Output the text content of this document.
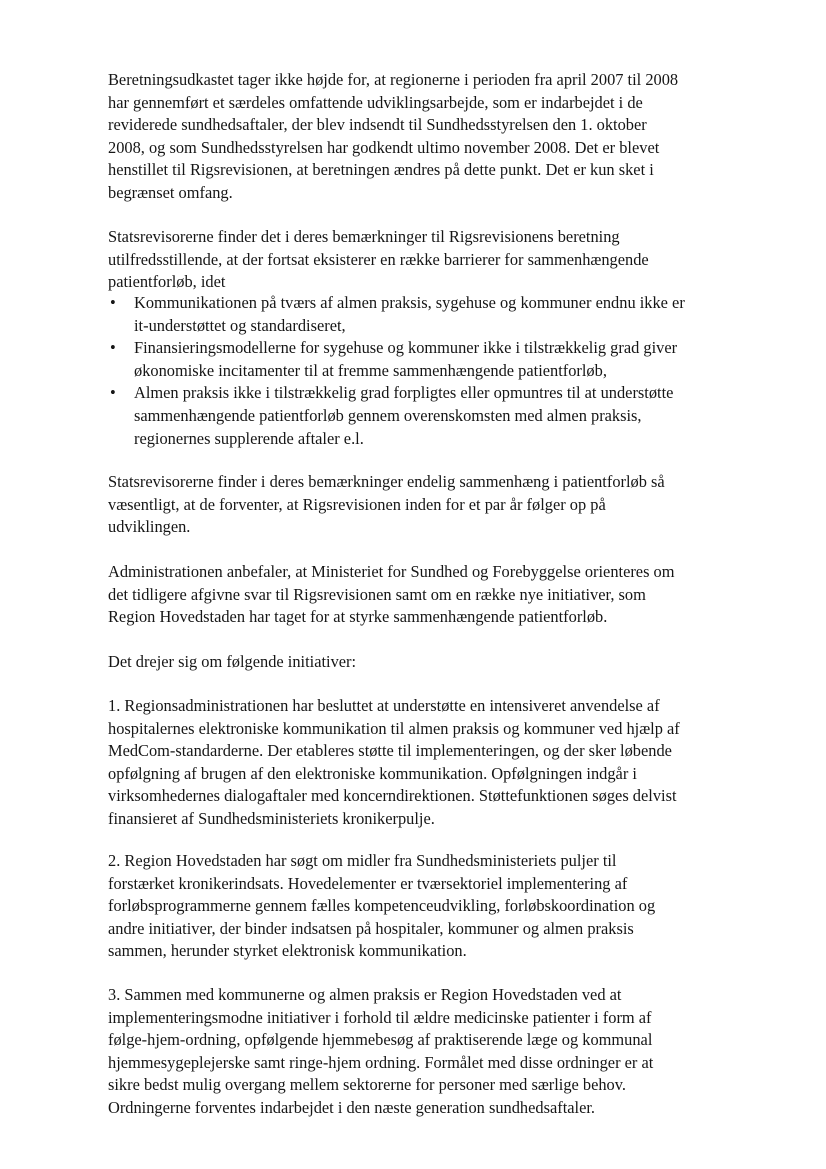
Beretningsudkastet tager ikke højde for, at regionerne i perioden fra april 2007 til 2008
har gennemført et særdeles omfattende udviklingsarbejde, som er indarbejdet i de
reviderede sundhedsaftaler, der blev indsendt til Sundhedsstyrelsen den 1. oktober
2008, og som Sundhedsstyrelsen har godkendt ultimo november 2008. Det er blevet
henstillet til Rigsrevisionen, at beretningen ændres på dette punkt. Det er kun sket i
begrænset omfang.

Statsrevisorerne finder det i deres bemærkninger til Rigsrevisionens beretning
utilfredsstillende, at der fortsat eksisterer en række barrierer for sammenhængende
patientforløb, idet

• Kommunikationen på tværs af almen praksis, sygehuse og kommuner endnu ikke er
it-understøttet og standardiseret,
• Finansieringsmodellerne for sygehuse og kommuner ikke i tilstrækkelig grad giver
økonomiske incitamenter til at fremme sammenhængende patientforløb,
• Almen praksis ikke i tilstrækkelig grad forpligtes eller opmuntres til at understøtte
sammenhængende patientforløb gennem overenskomsten med almen praksis,
regionernes supplerende aftaler e.l.

Statsrevisorerne finder i deres bemærkninger endelig sammenhæng i patientforløb så
væsentligt, at de forventer, at Rigsrevisionen inden for et par år følger op på
udviklingen.

Administrationen anbefaler, at Ministeriet for Sundhed og Forebyggelse orienteres om
det tidligere afgivne svar til Rigsrevisionen samt om en række nye initiativer, som
Region Hovedstaden har taget for at styrke sammenhængende patientforløb.

Det drejer sig om følgende initiativer:

1. Regionsadministrationen har besluttet at understøtte en intensiveret anvendelse af
hospitalernes elektroniske kommunikation til almen praksis og kommuner ved hjælp af
MedCom-standarderne. Der etableres støtte til implementeringen, og der sker løbende
opfølgning af brugen af den elektroniske kommunikation. Opfølgningen indgår i
virksomhedernes dialogaftaler med koncerndirektionen. Støttefunktionen søges delvist
finansieret af Sundhedsministeriets kronikerpulje.

2. Region Hovedstaden har søgt om midler fra Sundhedsministeriets puljer til
forstærket kronikerindsats. Hovedelementer er tværsektoriel implementering af
forløbsprogrammerne gennem fælles kompetenceudvikling, forløbskoordination og
andre initiativer, der binder indsatsen på hospitaler, kommuner og almen praksis
sammen, herunder styrket elektronisk kommunikation.

3. Sammen med kommunerne og almen praksis er Region Hovedstaden ved at
implementeringsmodne initiativer i forhold til ældre medicinske patienter i form af
følge-hjem-ordning, opfølgende hjemmebesøg af praktiserende læge og kommunal
hjemmesygeplejerske samt ringe-hjem ordning. Formålet med disse ordninger er at
sikre bedst mulig overgang mellem sektorerne for personer med særlige behov.
Ordningerne forventes indarbejdet i den næste generation sundhedsaftaler.
